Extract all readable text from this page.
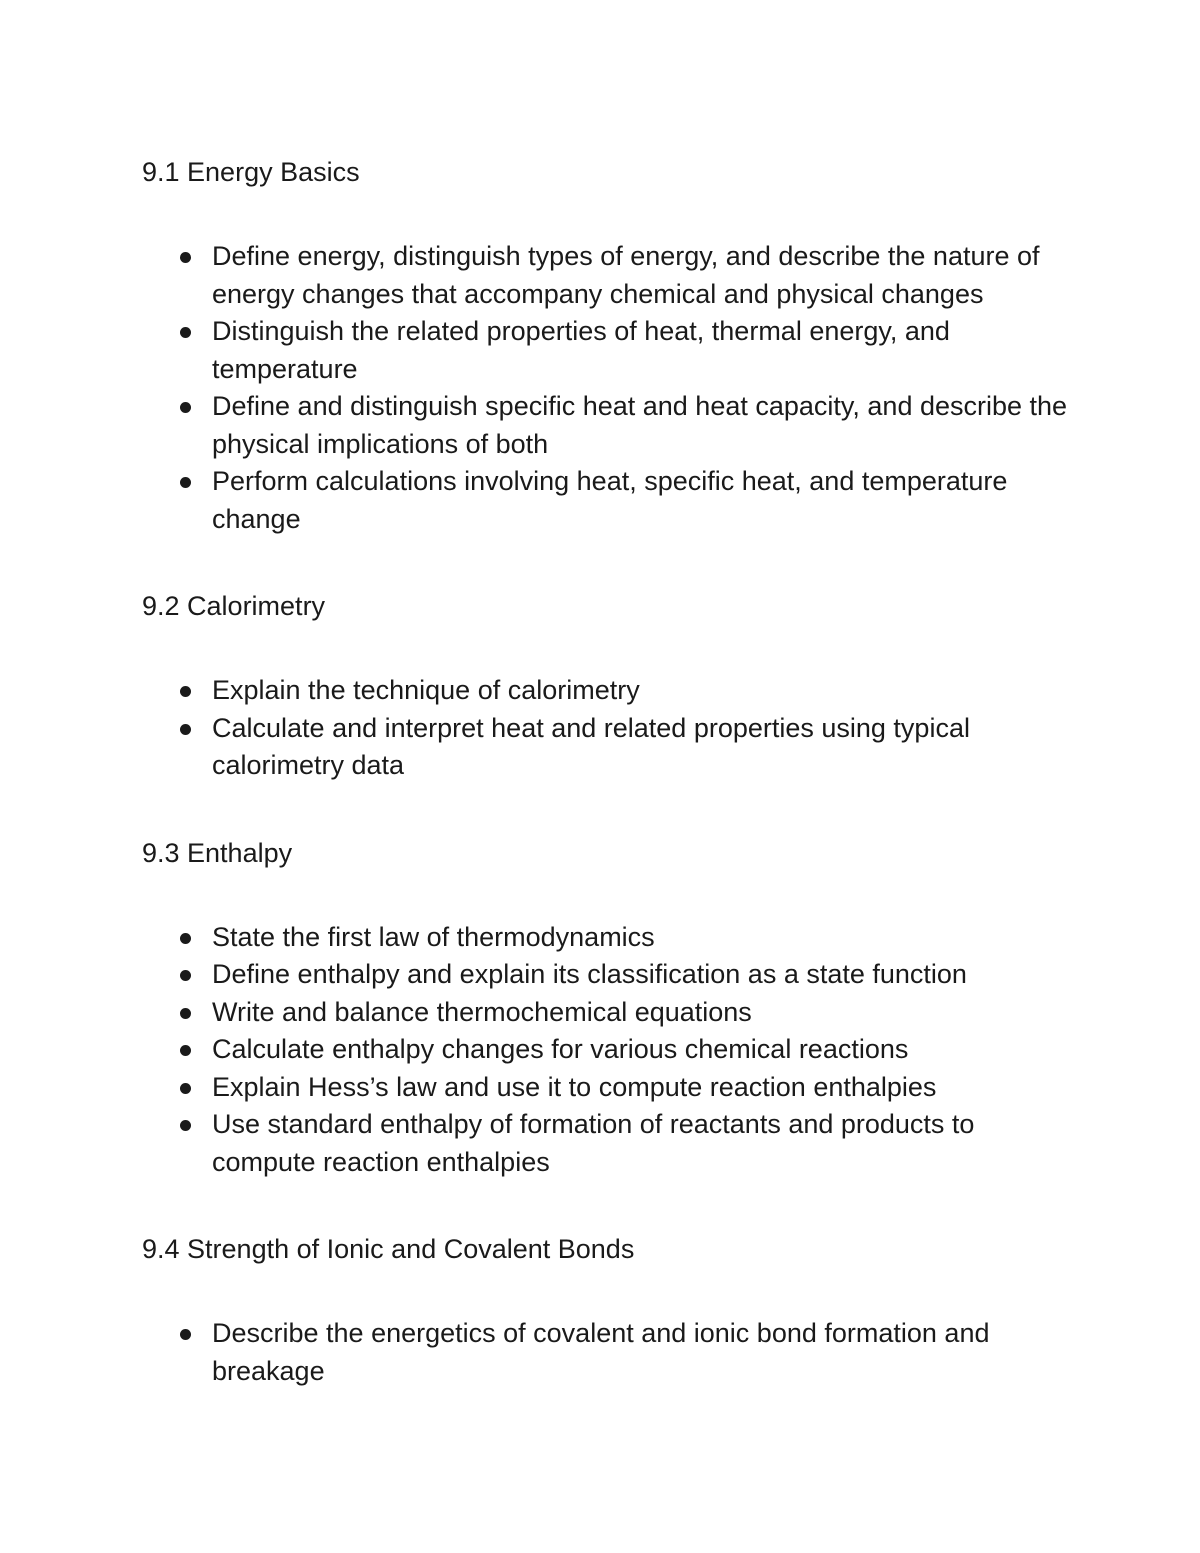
9.1 Energy Basics
Define energy, distinguish types of energy, and describe the nature of energy changes that accompany chemical and physical changes
Distinguish the related properties of heat, thermal energy, and temperature
Define and distinguish specific heat and heat capacity, and describe the physical implications of both
Perform calculations involving heat, specific heat, and temperature change
9.2 Calorimetry
Explain the technique of calorimetry
Calculate and interpret heat and related properties using typical calorimetry data
9.3 Enthalpy
State the first law of thermodynamics
Define enthalpy and explain its classification as a state function
Write and balance thermochemical equations
Calculate enthalpy changes for various chemical reactions
Explain Hess’s law and use it to compute reaction enthalpies
Use standard enthalpy of formation of reactants and products to compute reaction enthalpies
9.4 Strength of Ionic and Covalent Bonds
Describe the energetics of covalent and ionic bond formation and breakage
